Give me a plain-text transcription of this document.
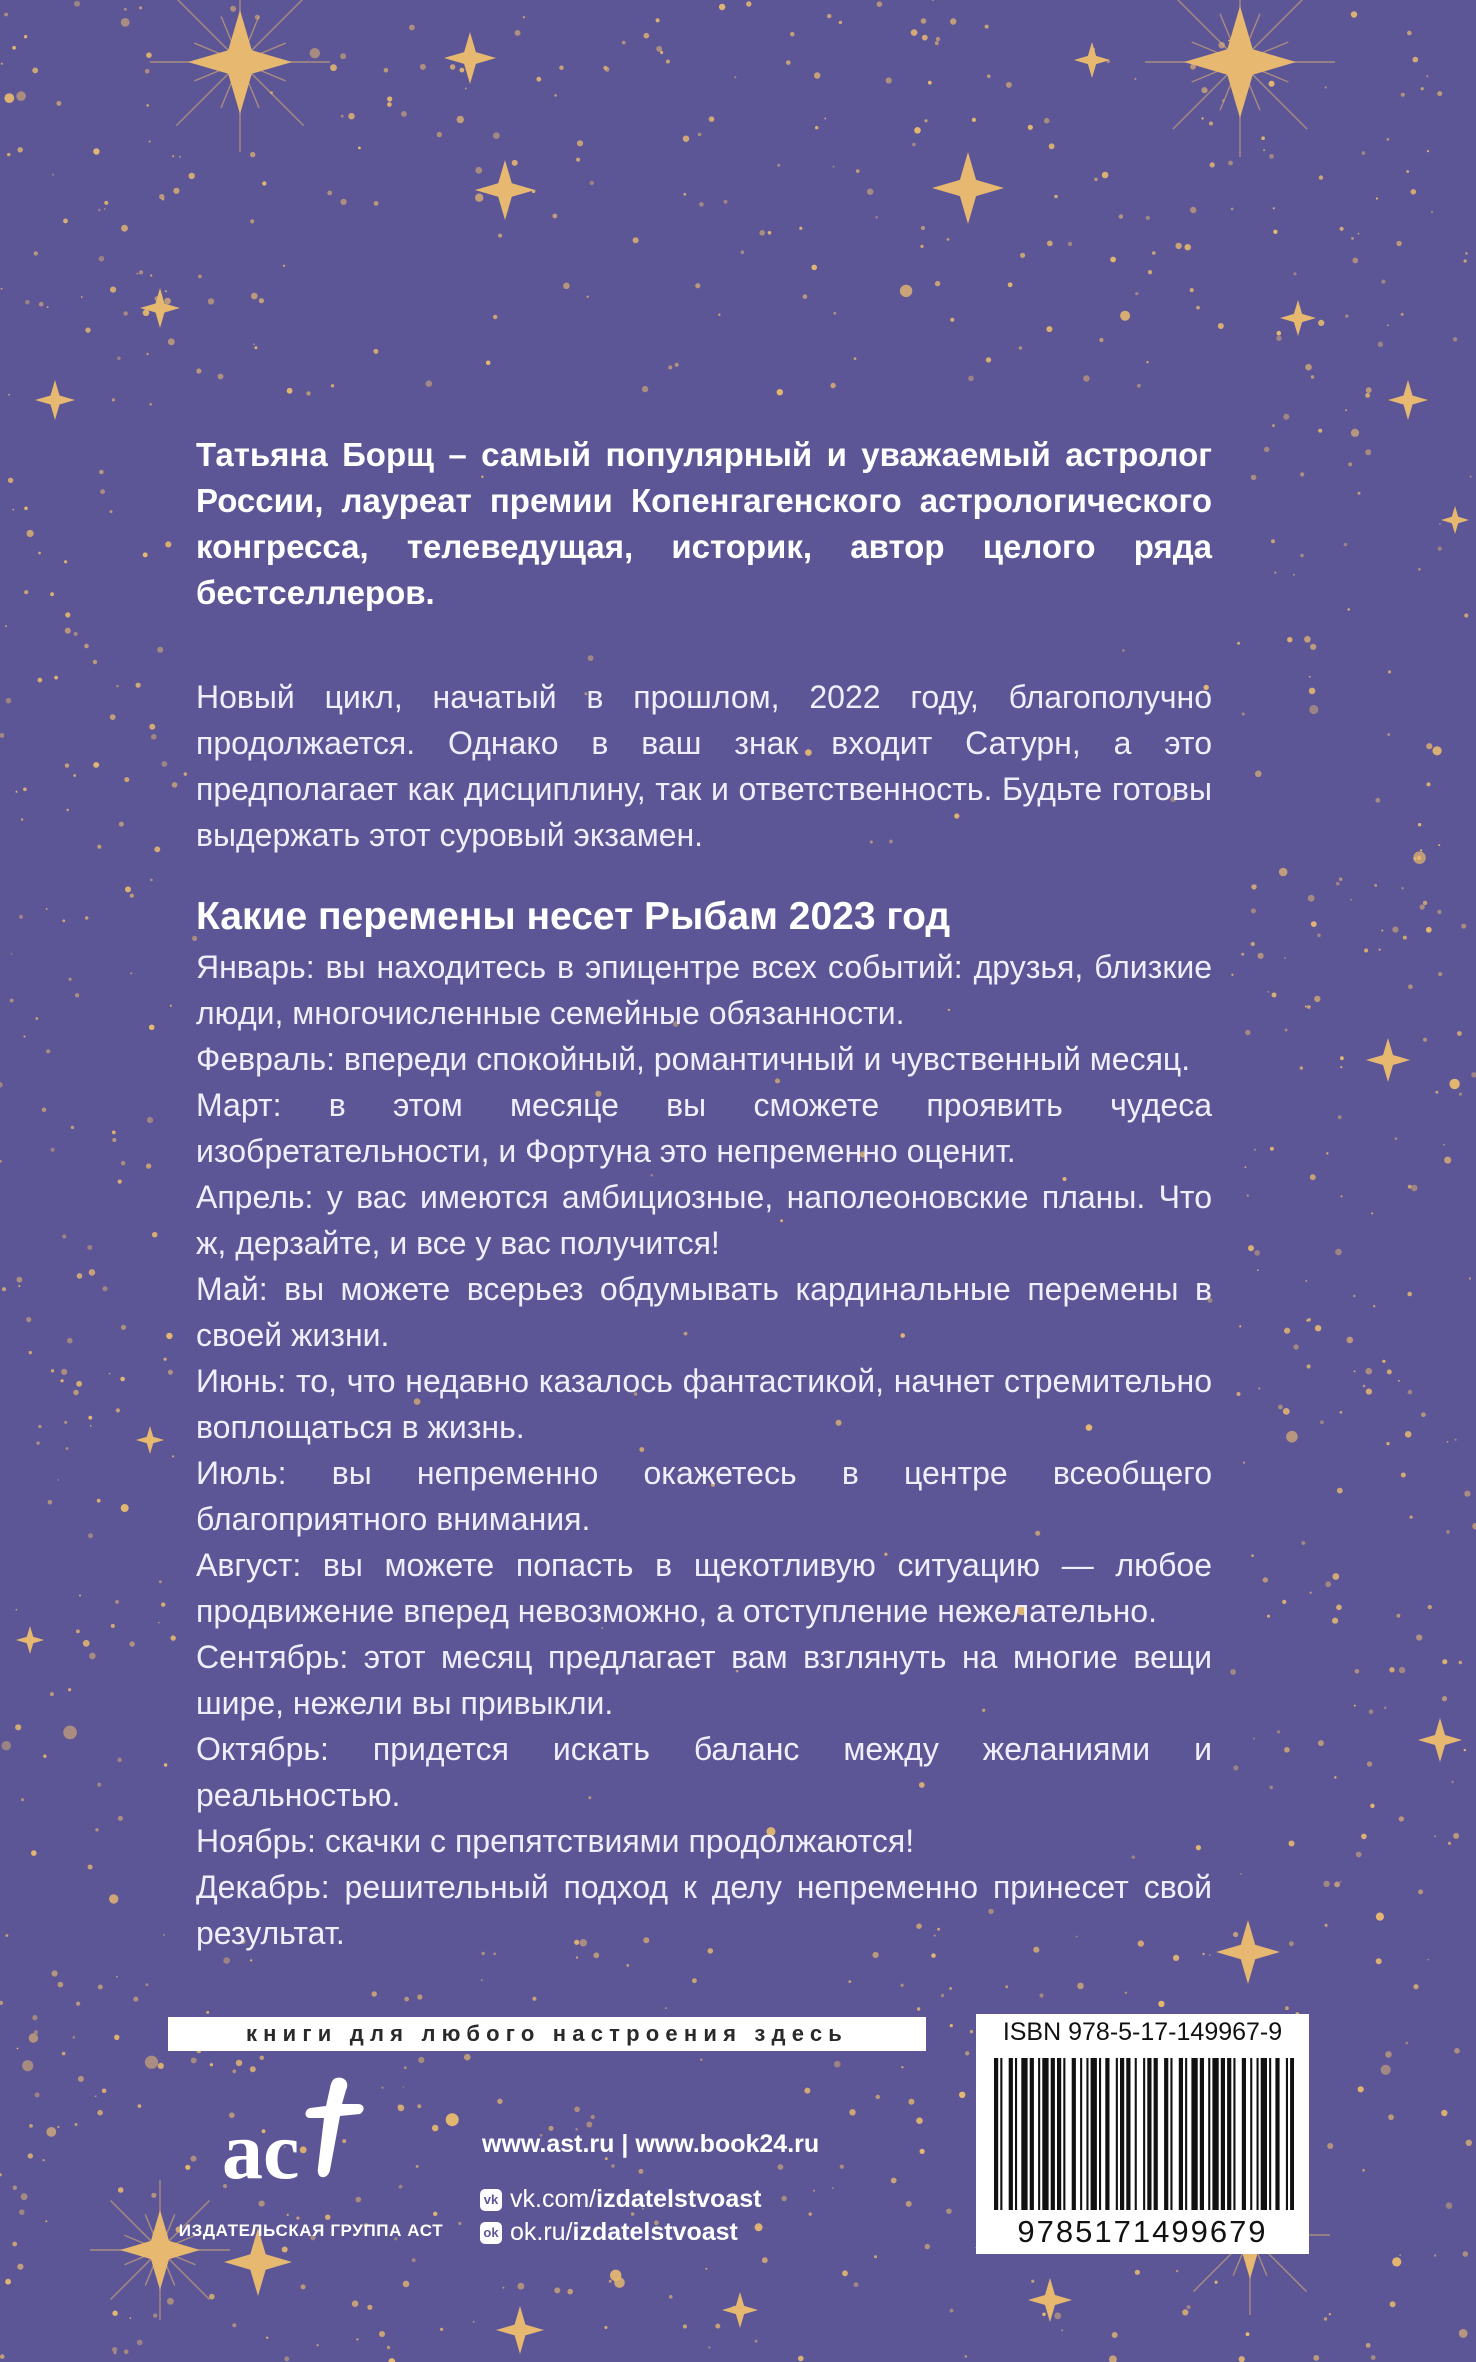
Татьяна Борщ – самый популярный и уважаемый астролог России, лауреат премии Копенгагенского астрологического конгресса, телеведущая, историк, автор целого ряда бестселлеров.

Новый цикл, начатый в прошлом, 2022 году, благополучно продолжается. Однако в ваш знак входит Сатурн, а это предполагает как дисциплину, так и ответственность. Будьте готовы выдержать этот суровый экзамен.

Какие перемены несет Рыбам 2023 год
Январь: вы находитесь в эпицентре всех событий: друзья, близкие люди, многочисленные семейные обязанности.
Февраль: впереди спокойный, романтичный и чувственный месяц.
Март: в этом месяце вы сможете проявить чудеса изобретательности, и Фортуна это непременно оценит.
Апрель: у вас имеются амбициозные, наполеоновские планы. Что ж, дерзайте, и все у вас получится!
Май: вы можете всерьез обдумывать кардинальные перемены в своей жизни.
Июнь: то, что недавно казалось фантастикой, начнет стремительно воплощаться в жизнь.
Июль: вы непременно окажетесь в центре всеобщего благоприятного внимания.
Август: вы можете попасть в щекотливую ситуацию — любое продвижение вперед невозможно, а отступление нежелательно.
Сентябрь: этот месяц предлагает вам взглянуть на многие вещи шире, нежели вы привыкли.
Октябрь: придется искать баланс между желаниями и реальностью.
Ноябрь: скачки с препятствиями продолжаются!
Декабрь: решительный подход к делу непременно принесет свой результат.
книги для любого настроения здесь
ac
ИЗДАТЕЛЬСКАЯ ГРУППА АСТ
www.ast.ru | www.book24.ru
vk vk.com/izdatelstvoast
ok ok.ru/izdatelstvoast
ISBN 978-5-17-149967-9
9785171499679
